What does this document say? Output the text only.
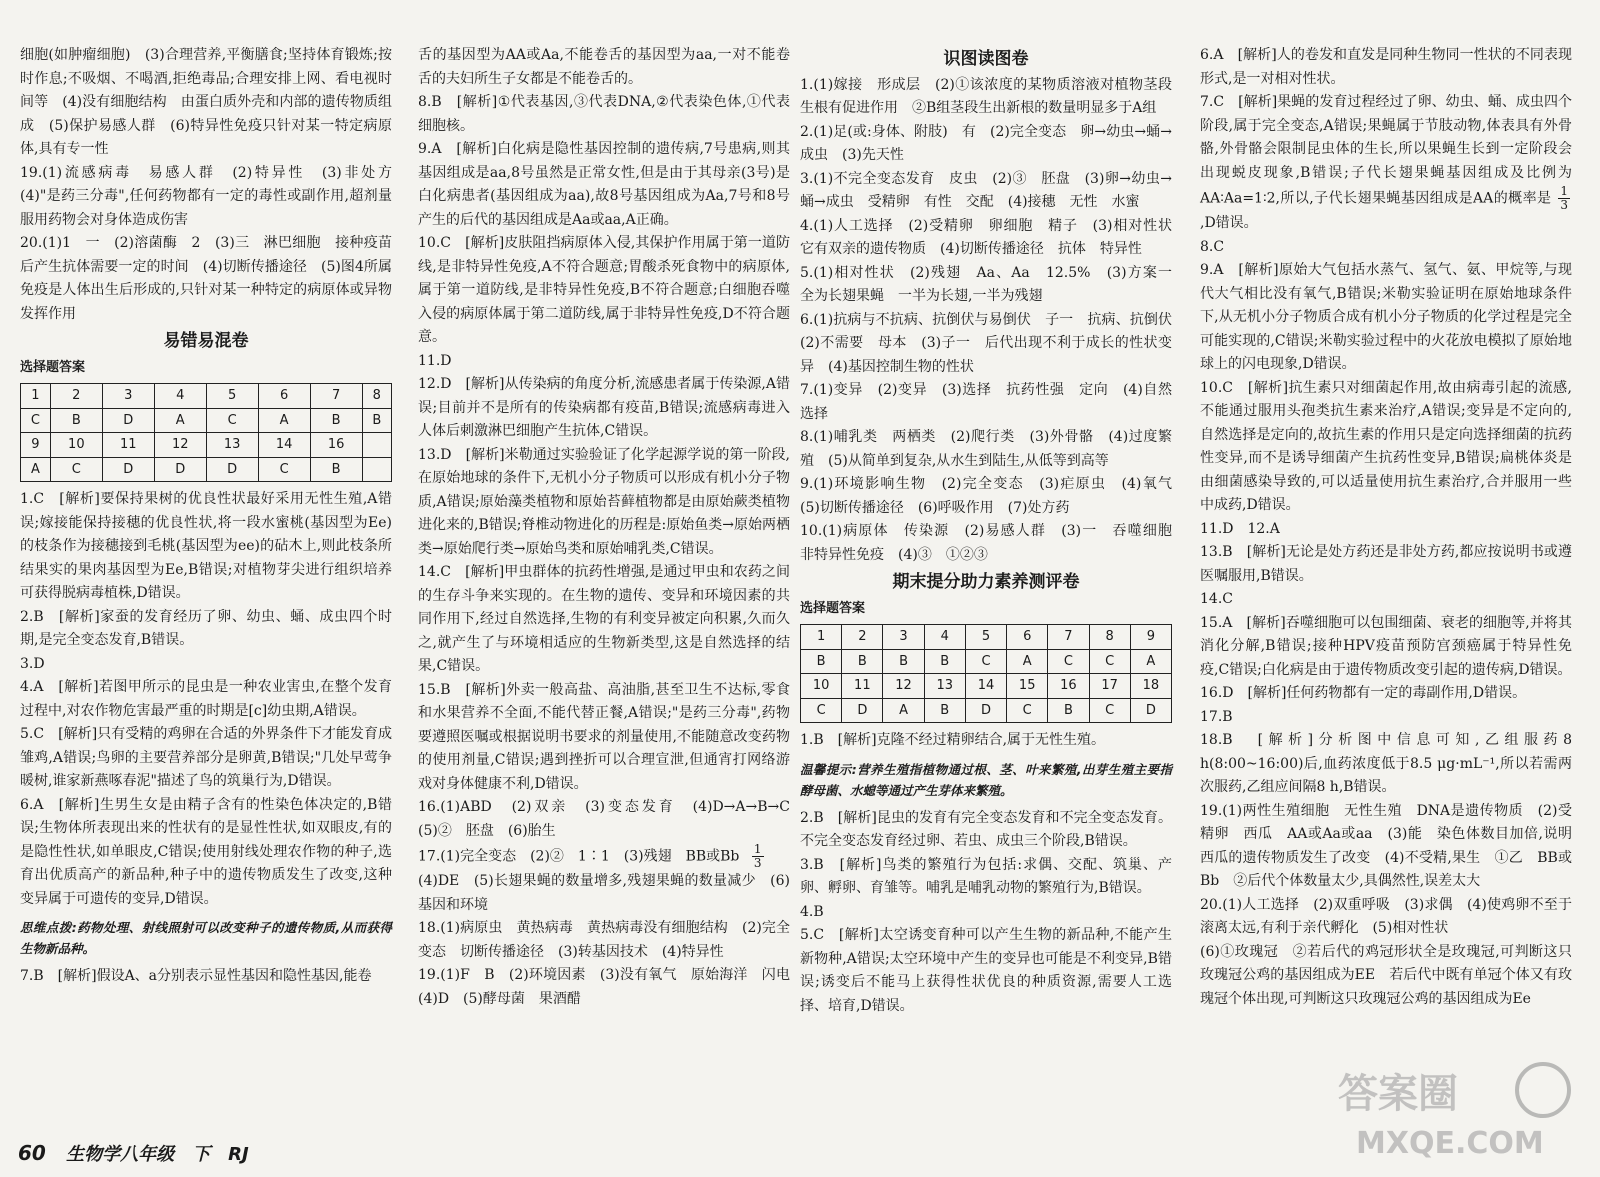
细胞(如肿瘤细胞)　(3)合理营养,平衡膳食;坚持体育锻炼;按时作息;不吸烟、不喝酒,拒绝毒品;合理安排上网、看电视时间等　(4)没有细胞结构　由蛋白质外壳和内部的遗传物质组成　(5)保护易感人群　(6)特异性免疫只针对某一特定病原体,具有专一性

19.(1)流感病毒　易感人群　(2)特异性　(3)非处方　(4)"是药三分毒",任何药物都有一定的毒性或副作用,超剂量服用药物会对身体造成伤害

20.(1)1　一　(2)溶菌酶　2　(3)三　淋巴细胞　接种疫苗后产生抗体需要一定的时间　(4)切断传播途径　(5)图4所属免疫是人体出生后形成的,只针对某一种特定的病原体或异物发挥作用

易错易混卷
选择题答案
1	2	3	4	5	6	7	8
C	B	D	A	C	A	B	B
9	10	11	12	13	14	16	
A	C	D	D	D	C	B	

1.C　[解析]要保持果树的优良性状最好采用无性生殖,A错误;嫁接能保持接穗的优良性状,将一段水蜜桃(基因型为Ee)的枝条作为接穗接到毛桃(基因型为ee)的砧木上,则此枝条所结果实的果肉基因型为Ee,B错误;对植物芽尖进行组织培养可获得脱病毒植株,D错误。

2.B　[解析]家蚕的发育经历了卵、幼虫、蛹、成虫四个时期,是完全变态发育,B错误。

3.D

4.A　[解析]若图甲所示的昆虫是一种农业害虫,在整个发育过程中,对农作物危害最严重的时期是[c]幼虫期,A错误。

5.C　[解析]只有受精的鸡卵在合适的外界条件下才能发育成雏鸡,A错误;鸟卵的主要营养部分是卵黄,B错误;"几处早莺争暖树,谁家新燕啄春泥"描述了鸟的筑巢行为,D错误。

6.A　[解析]生男生女是由精子含有的性染色体决定的,B错误;生物体所表现出来的性状有的是显性性状,如双眼皮,有的是隐性性状,如单眼皮,C错误;使用射线处理农作物的种子,选育出优质高产的新品种,种子中的遗传物质发生了改变,这种变异属于可遗传的变异,D错误。

思维点拨:药物处理、射线照射可以改变种子的遗传物质,从而获得生物新品种。

7.B　[解析]假设A、a分别表示显性基因和隐性基因,能卷

舌的基因型为AA或Aa,不能卷舌的基因型为aa,一对不能卷舌的夫妇所生子女都是不能卷舌的。

8.B　[解析]①代表基因,③代表DNA,②代表染色体,①代表细胞核。

9.A　[解析]白化病是隐性基因控制的遗传病,7号患病,则其基因组成是aa,8号虽然是正常女性,但是由于其母亲(3号)是白化病患者(基因组成为aa),故8号基因组成为Aa,7号和8号产生的后代的基因组成是Aa或aa,A正确。

10.C　[解析]皮肤阻挡病原体入侵,其保护作用属于第一道防线,是非特异性免疫,A不符合题意;胃酸杀死食物中的病原体,属于第一道防线,是非特异性免疫,B不符合题意;白细胞吞噬入侵的病原体属于第二道防线,属于非特异性免疫,D不符合题意。

11.D

12.D　[解析]从传染病的角度分析,流感患者属于传染源,A错误;目前并不是所有的传染病都有疫苗,B错误;流感病毒进入人体后刺激淋巴细胞产生抗体,C错误。

13.D　[解析]米勒通过实验验证了化学起源学说的第一阶段,在原始地球的条件下,无机小分子物质可以形成有机小分子物质,A错误;原始藻类植物和原始苔藓植物都是由原始蕨类植物进化来的,B错误;脊椎动物进化的历程是:原始鱼类→原始两栖类→原始爬行类→原始鸟类和原始哺乳类,C错误。

14.C　[解析]甲虫群体的抗药性增强,是通过甲虫和农药之间的生存斗争来实现的。在生物的遗传、变异和环境因素的共同作用下,经过自然选择,生物的有利变异被定向积累,久而久之,就产生了与环境相适应的生物新类型,这是自然选择的结果,C错误。

15.B　[解析]外卖一般高盐、高油脂,甚至卫生不达标,零食和水果营养不全面,不能代替正餐,A错误;"是药三分毒",药物要遵照医嘱或根据说明书要求的剂量使用,不能随意改变药物的使用剂量,C错误;遇到挫折可以合理宣泄,但通宵打网络游戏对身体健康不利,D错误。

16.(1)ABD　(2)双亲　(3)变态发育　(4)D→A→B→C　(5)②　胚盘　(6)胎生

17.(1)完全变态　(2)②　1∶1　(3)残翅　BB或Bb $\frac{1}{3}$

(4)DE　(5)长翅果蝇的数量增多,残翅果蝇的数量减少　(6)基因和环境

18.(1)病原虫　黄热病毒　黄热病毒没有细胞结构　(2)完全变态　切断传播途径　(3)转基因技术　(4)特异性

19.(1)F　B　(2)环境因素　(3)没有氧气　原始海洋　闪电　(4)D　(5)酵母菌　果酒醋

识图读图卷

1.(1)嫁接　形成层　(2)①该浓度的某物质溶液对植物茎段生根有促进作用　②B组茎段生出新根的数量明显多于A组

2.(1)足(或:身体、附肢)　有　(2)完全变态　卵→幼虫→蛹→成虫　(3)先天性

3.(1)不完全变态发育　皮虫　(2)③　胚盘　(3)卵→幼虫→蛹→成虫　受精卵　有性　交配　(4)接穗　无性　水蜜

4.(1)人工选择　(2)受精卵　卵细胞　精子　(3)相对性状　它有双亲的遗传物质　(4)切断传播途径　抗体　特异性

5.(1)相对性状　(2)残翅　Aa、Aa　12.5%　(3)方案一　全为长翅果蝇　一半为长翅,一半为残翅

6.(1)抗病与不抗病、抗倒伏与易倒伏　子一　抗病、抗倒伏　(2)不需要　母本　(3)子一　后代出现不利于成长的性状变异　(4)基因控制生物的性状

7.(1)变异　(2)变异　(3)选择　抗药性强　定向　(4)自然选择

8.(1)哺乳类　两栖类　(2)爬行类　(3)外骨骼　(4)过度繁殖　(5)从简单到复杂,从水生到陆生,从低等到高等

9.(1)环境影响生物　(2)完全变态　(3)疟原虫　(4)氧气　(5)切断传播途径　(6)呼吸作用　(7)处方药

10.(1)病原体　传染源　(2)易感人群　(3)一　吞噬细胞　非特异性免疫　(4)③　①②③

期末提分助力素养测评卷
选择题答案
1	2	3	4	5	6	7	8	9
B	B	B	B	C	A	C	C	A
10	11	12	13	14	15	16	17	18
C	D	A	B	D	C	B	C	D

1.B　[解析]克隆不经过精卵结合,属于无性生殖。

温馨提示:营养生殖指植物通过根、茎、叶来繁殖,出芽生殖主要指酵母菌、水螅等通过产生芽体来繁殖。

2.B　[解析]昆虫的发育有完全变态发育和不完全变态发育。不完全变态发育经过卵、若虫、成虫三个阶段,B错误。

3.B　[解析]鸟类的繁殖行为包括:求偶、交配、筑巢、产卵、孵卵、育雏等。哺乳是哺乳动物的繁殖行为,B错误。

4.B

5.C　[解析]太空诱变育种可以产生生物的新品种,不能产生新物种,A错误;太空环境中产生的变异也可能是不利变异,B错误;诱变后不能马上获得性状优良的种质资源,需要人工选择、培育,D错误。

6.A　[解析]人的卷发和直发是同种生物同一性状的不同表现形式,是一对相对性状。

7.C　[解析]果蝇的发育过程经过了卵、幼虫、蛹、成虫四个阶段,属于完全变态,A错误;果蝇属于节肢动物,体表具有外骨骼,外骨骼会限制昆虫体的生长,所以果蝇生长到一定阶段会出现蜕皮现象,B错误;子代长翅果蝇基因组成及比例为AA∶Aa=1∶2,所以,子代长翅果蝇基因组成是AA的概率是 $\frac{1}{3}$
,D错误。

8.C

9.A　[解析]原始大气包括水蒸气、氢气、氨、甲烷等,与现代大气相比没有氧气,B错误;米勒实验证明在原始地球条件下,从无机小分子物质合成有机小分子物质的化学过程是完全可能实现的,C错误;米勒实验过程中的火花放电模拟了原始地球上的闪电现象,D错误。

10.C　[解析]抗生素只对细菌起作用,故由病毒引起的流感,不能通过服用头孢类抗生素来治疗,A错误;变异是不定向的,自然选择是定向的,故抗生素的作用只是定向选择细菌的抗药性变异,而不是诱导细菌产生抗药性变异,B错误;扁桃体炎是由细菌感染导致的,可以适量使用抗生素治疗,合并服用一些中成药,D错误。

11.D　12.A

13.B　[解析]无论是处方药还是非处方药,都应按说明书或遵医嘱服用,B错误。

14.C

15.A　[解析]吞噬细胞可以包围细菌、衰老的细胞等,并将其消化分解,B错误;接种HPV疫苗预防宫颈癌属于特异性免疫,C错误;白化病是由于遗传物质改变引起的遗传病,D错误。

16.D　[解析]任何药物都有一定的毒副作用,D错误。

17.B

18.B　[解析]分析图中信息可知,乙组服药8 h(8:00~16:00)后,血药浓度低于8.5 μg·mL⁻¹,所以若需两次服药,乙组应间隔8 h,B错误。

19.(1)两性生殖细胞　无性生殖　DNA是遗传物质　(2)受精卵　西瓜　AA或Aa或aa　(3)能　染色体数目加倍,说明西瓜的遗传物质发生了改变　(4)不受精,果生　①乙　BB或Bb　②后代个体数量太少,具偶然性,误差太大

20.(1)人工选择　(2)双重呼吸　(3)求偶　(4)使鸡卵不至于滚离太远,有利于亲代孵化　(5)相对性状

(6)①玫瑰冠　②若后代的鸡冠形状全是玫瑰冠,可判断这只玫瑰冠公鸡的基因组成为EE　若后代中既有单冠个体又有玫瑰冠个体出现,可判断这只玫瑰冠公鸡的基因组成为Ee

60 生物学八年级　下　RJ
答案圈
MXQE.COM
